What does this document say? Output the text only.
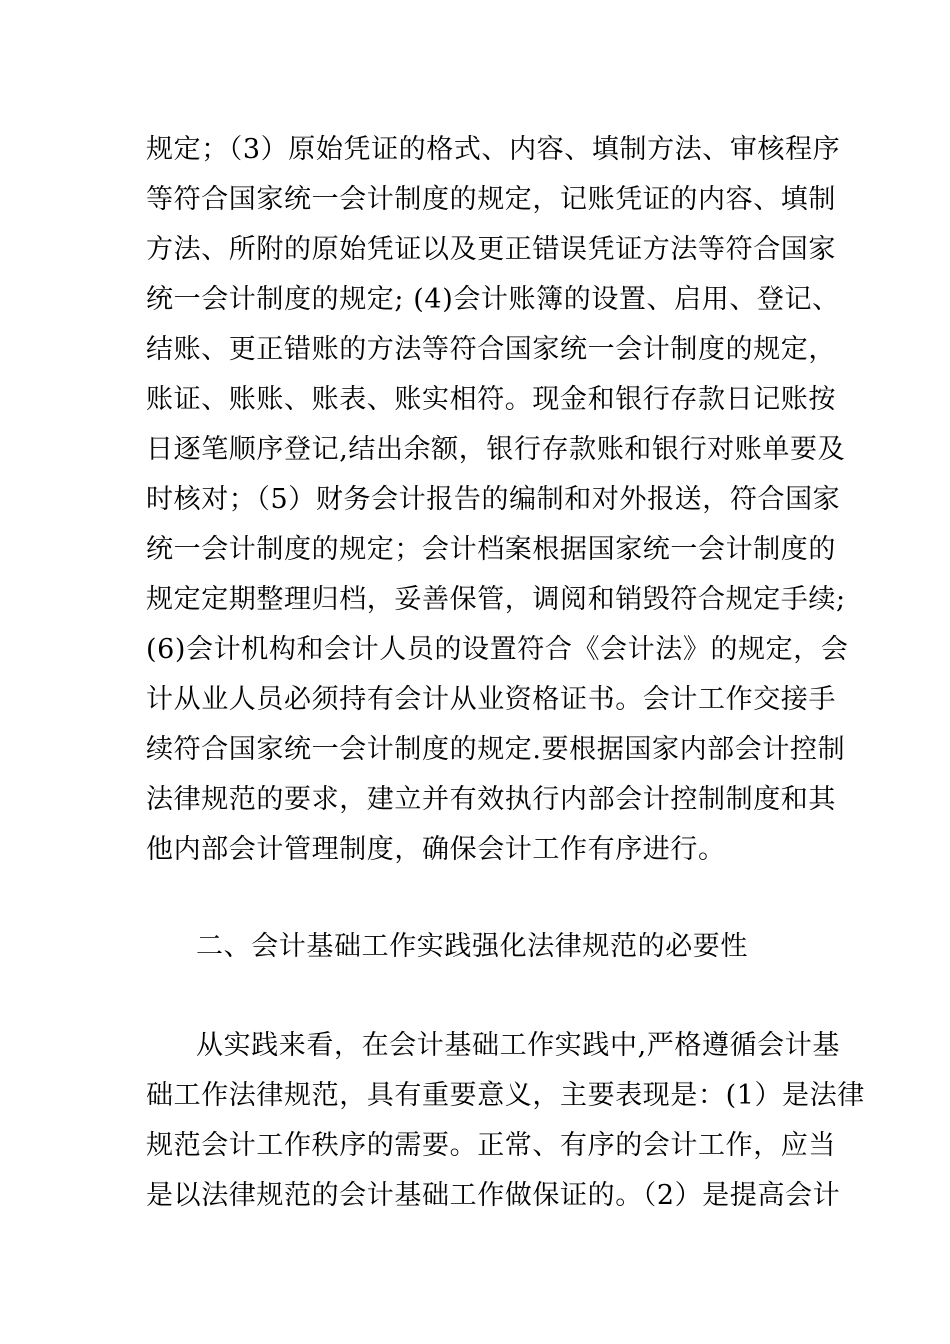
规定；（3）原始凭证的格式、内容、填制方法、审核程序
等符合国家统一会计制度的规定，记账凭证的内容、填制
方法、所附的原始凭证以及更正错误凭证方法等符合国家
统一会计制度的规定; (4)会计账簿的设置、启用、登记、
结账、更正错账的方法等符合国家统一会计制度的规定，
账证、账账、账表、账实相符。现金和银行存款日记账按
日逐笔顺序登记,结出余额，银行存款账和银行对账单要及
时核对；（5）财务会计报告的编制和对外报送，符合国家
统一会计制度的规定；会计档案根据国家统一会计制度的
规定定期整理归档，妥善保管，调阅和销毁符合规定手续;
(6)会计机构和会计人员的设置符合《会计法》的规定，会
计从业人员必须持有会计从业资格证书。会计工作交接手
续符合国家统一会计制度的规定.要根据国家内部会计控制
法律规范的要求，建立并有效执行内部会计控制制度和其
他内部会计管理制度，确保会计工作有序进行。
二、会计基础工作实践强化法律规范的必要性
从实践来看，在会计基础工作实践中,严格遵循会计基
础工作法律规范，具有重要意义，主要表现是：(1）是法律
规范会计工作秩序的需要。正常、有序的会计工作，应当
是以法律规范的会计基础工作做保证的。（2）是提高会计
